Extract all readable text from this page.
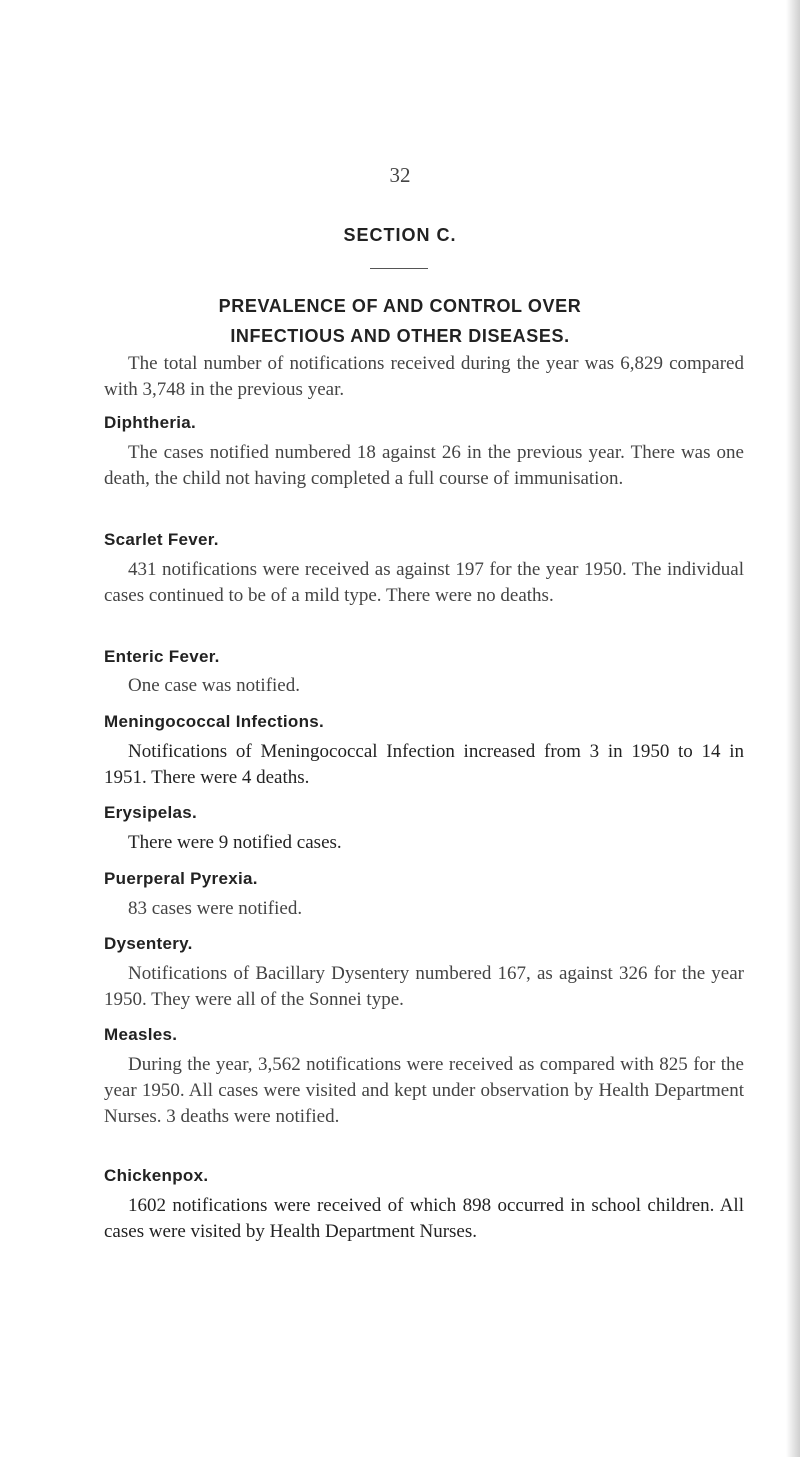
32
SECTION C.
PREVALENCE OF AND CONTROL OVER
INFECTIOUS AND OTHER DISEASES.
The total number of notifications received during the year was 6,829 compared with 3,748 in the previous year.
Diphtheria.
The cases notified numbered 18 against 26 in the previous year. There was one death, the child not having completed a full course of immunisation.
Scarlet Fever.
431 notifications were received as against 197 for the year 1950. The individual cases continued to be of a mild type. There were no deaths.
Enteric Fever.
One case was notified.
Meningococcal Infections.
Notifications of Meningococcal Infection increased from 3 in 1950 to 14 in 1951. There were 4 deaths.
Erysipelas.
There were 9 notified cases.
Puerperal Pyrexia.
83 cases were notified.
Dysentery.
Notifications of Bacillary Dysentery numbered 167, as against 326 for the year 1950. They were all of the Sonnei type.
Measles.
During the year, 3,562 notifications were received as compared with 825 for the year 1950. All cases were visited and kept under observation by Health Department Nurses. 3 deaths were notified.
Chickenpox.
1602 notifications were received of which 898 occurred in school children. All cases were visited by Health Department Nurses.
